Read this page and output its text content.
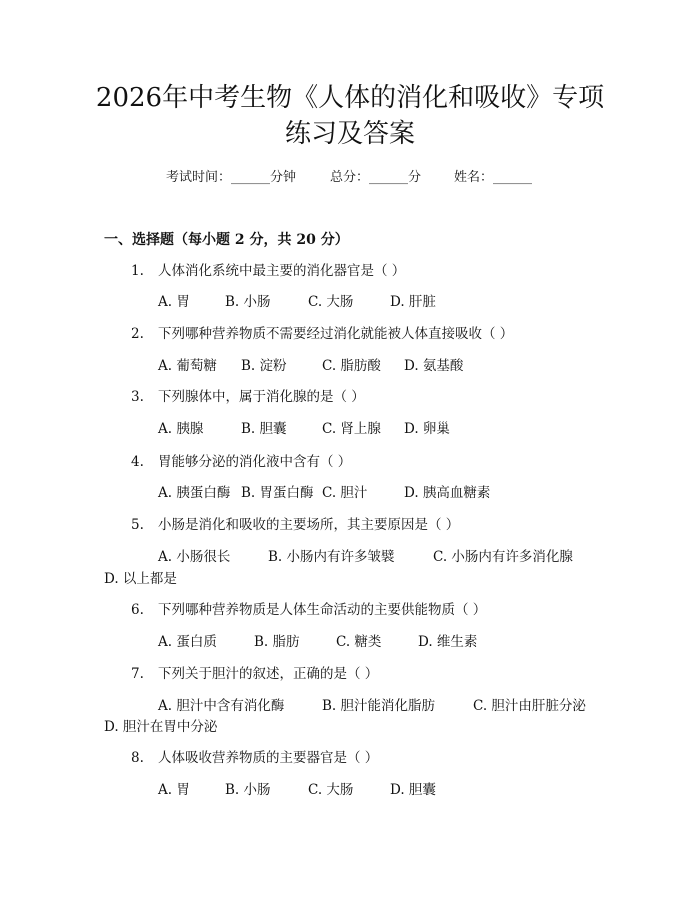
2026年中考生物《人体的消化和吸收》专项
练习及答案
考试时间：______分钟	总分：______分	姓名：______
一、选择题（每小题 2 分，共 20 分）
1. 人体消化系统中最主要的消化器官是（ ）
A. 胃	B. 小肠	C. 大肠	D. 肝脏
2. 下列哪种营养物质不需要经过消化就能被人体直接吸收（ ）
A. 葡萄糖 B. 淀粉	C. 脂肪酸 D. 氨基酸
3. 下列腺体中，属于消化腺的是（ ）
A. 胰腺	B. 胆囊	C. 肾上腺 D. 卵巢
4. 胃能够分泌的消化液中含有（ ）
A. 胰蛋白酶 B. 胃蛋白酶 C. 胆汁	D. 胰高血糖素
5. 小肠是消化和吸收的主要场所，其主要原因是（ ）
A. 小肠很长	B. 小肠内有许多皱襞	C. 小肠内有许多消化腺
D. 以上都是
6. 下列哪种营养物质是人体生命活动的主要供能物质（ ）
A. 蛋白质	B. 脂肪	C. 糖类	D. 维生素
7. 下列关于胆汁的叙述，正确的是（ ）
A. 胆汁中含有消化酶	B. 胆汁能消化脂肪	C. 胆汁由肝脏分泌
D. 胆汁在胃中分泌
8. 人体吸收营养物质的主要器官是（ ）
A. 胃	B. 小肠	C. 大肠	D. 胆囊
